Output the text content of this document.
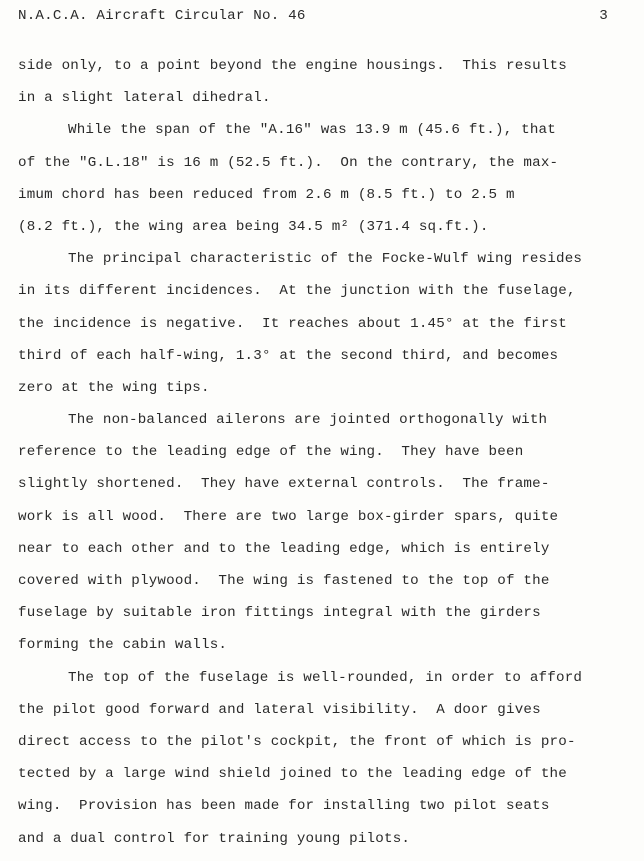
N.A.C.A. Aircraft Circular No. 46	3
side only, to a point beyond the engine housings.  This results
in a slight lateral dihedral.
While the span of the "A.16" was 13.9 m (45.6 ft.), that
of the "G.L.18" is 16 m (52.5 ft.).  On the contrary, the max-
imum chord has been reduced from 2.6 m (8.5 ft.) to 2.5 m
(8.2 ft.), the wing area being 34.5 m² (371.4 sq.ft.).
The principal characteristic of the Focke-Wulf wing resides
in its different incidences.  At the junction with the fuselage,
the incidence is negative.  It reaches about 1.45° at the first
third of each half-wing, 1.3° at the second third, and becomes
zero at the wing tips.
The non-balanced ailerons are jointed orthogonally with
reference to the leading edge of the wing.  They have been
slightly shortened.  They have external controls.  The frame-
work is all wood.  There are two large box-girder spars, quite
near to each other and to the leading edge, which is entirely
covered with plywood.  The wing is fastened to the top of the
fuselage by suitable iron fittings integral with the girders
forming the cabin walls.
The top of the fuselage is well-rounded, in order to afford
the pilot good forward and lateral visibility.  A door gives
direct access to the pilot's cockpit, the front of which is pro-
tected by a large wind shield joined to the leading edge of the
wing.  Provision has been made for installing two pilot seats
and a dual control for training young pilots.
